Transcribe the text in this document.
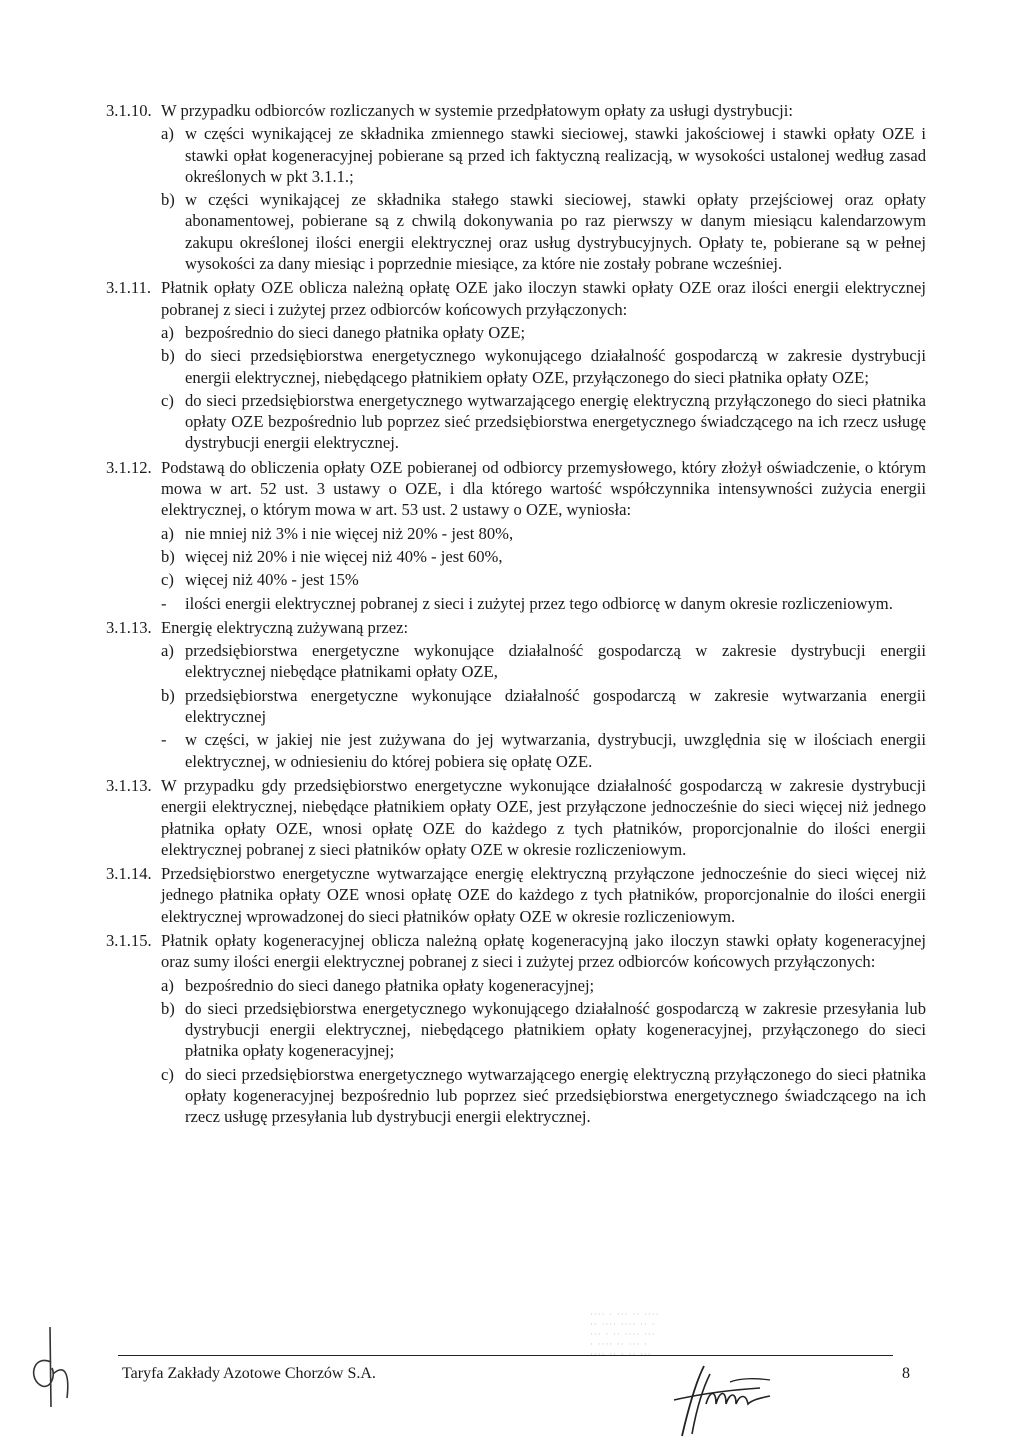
3.1.10. W przypadku odbiorców rozliczanych w systemie przedpłatowym opłaty za usługi dystrybucji:
a) w części wynikającej ze składnika zmiennego stawki sieciowej, stawki jakościowej i stawki opłaty OZE i stawki opłat kogeneracyjnej pobierane są przed ich faktyczną realizacją, w wysokości ustalonej według zasad określonych w pkt 3.1.1.;
b) w części wynikającej ze składnika stałego stawki sieciowej, stawki opłaty przejściowej oraz opłaty abonamentowej, pobierane są z chwilą dokonywania po raz pierwszy w danym miesiącu kalendarzowym zakupu określonej ilości energii elektrycznej oraz usług dystrybucyjnych. Opłaty te, pobierane są w pełnej wysokości za dany miesiąc i poprzednie miesiące, za które nie zostały pobrane wcześniej.
3.1.11. Płatnik opłaty OZE oblicza należną opłatę OZE jako iloczyn stawki opłaty OZE oraz ilości energii elektrycznej pobranej z sieci i zużytej przez odbiorców końcowych przyłączonych:
a) bezpośrednio do sieci danego płatnika opłaty OZE;
b) do sieci przedsiębiorstwa energetycznego wykonującego działalność gospodarczą w zakresie dystrybucji energii elektrycznej, niebędącego płatnikiem opłaty OZE, przyłączonego do sieci płatnika opłaty OZE;
c) do sieci przedsiębiorstwa energetycznego wytwarzającego energię elektryczną przyłączonego do sieci płatnika opłaty OZE bezpośrednio lub poprzez sieć przedsiębiorstwa energetycznego świadczącego na ich rzecz usługę dystrybucji energii elektrycznej.
3.1.12. Podstawą do obliczenia opłaty OZE pobieranej od odbiorcy przemysłowego, który złożył oświadczenie, o którym mowa w art. 52 ust. 3 ustawy o OZE, i dla którego wartość współczynnika intensywności zużycia energii elektrycznej, o którym mowa w art. 53 ust. 2 ustawy o OZE, wyniosła:
a) nie mniej niż 3% i nie więcej niż 20% - jest 80%,
b) więcej niż 20% i nie więcej niż 40% - jest 60%,
c) więcej niż 40% - jest 15%
- ilości energii elektrycznej pobranej z sieci i zużytej przez tego odbiorcę w danym okresie rozliczeniowym.
3.1.13. Energię elektryczną zużywaną przez:
a) przedsiębiorstwa energetyczne wykonujące działalność gospodarczą w zakresie dystrybucji energii elektrycznej niebędące płatnikami opłaty OZE,
b) przedsiębiorstwa energetyczne wykonujące działalność gospodarczą w zakresie wytwarzania energii elektrycznej
- w części, w jakiej nie jest zużywana do jej wytwarzania, dystrybucji, uwzględnia się w ilościach energii elektrycznej, w odniesieniu do której pobiera się opłatę OZE.
3.1.13. W przypadku gdy przedsiębiorstwo energetyczne wykonujące działalność gospodarczą w zakresie dystrybucji energii elektrycznej, niebędące płatnikiem opłaty OZE, jest przyłączone jednocześnie do sieci więcej niż jednego płatnika opłaty OZE, wnosi opłatę OZE do każdego z tych płatników, proporcjonalnie do ilości energii elektrycznej pobranej z sieci płatników opłaty OZE w okresie rozliczeniowym.
3.1.14. Przedsiębiorstwo energetyczne wytwarzające energię elektryczną przyłączone jednocześnie do sieci więcej niż jednego płatnika opłaty OZE wnosi opłatę OZE do każdego z tych płatników, proporcjonalnie do ilości energii elektrycznej wprowadzonej do sieci płatników opłaty OZE w okresie rozliczeniowym.
3.1.15. Płatnik opłaty kogeneracyjnej oblicza należną opłatę kogeneracyjną jako iloczyn stawki opłaty kogeneracyjnej oraz sumy ilości energii elektrycznej pobranej z sieci i zużytej przez odbiorców końcowych przyłączonych:
a) bezpośrednio do sieci danego płatnika opłaty kogeneracyjnej;
b) do sieci przedsiębiorstwa energetycznego wykonującego działalność gospodarczą w zakresie przesyłania lub dystrybucji energii elektrycznej, niebędącego płatnikiem opłaty kogeneracyjnej, przyłączonego do sieci płatnika opłaty kogeneracyjnej;
c) do sieci przedsiębiorstwa energetycznego wytwarzającego energię elektryczną przyłączonego do sieci płatnika opłaty kogeneracyjnej bezpośrednio lub poprzez sieć przedsiębiorstwa energetycznego świadczącego na ich rzecz usługę przesyłania lub dystrybucji energii elektrycznej.
···· · ··· ·· ····
·· ···· ···· ·· ·
··· · ·· ···· ···
· ···· ·· ··· ·
···· ·· · ·· ···
Taryfa Zakłady Azotowe Chorzów S.A.	8
